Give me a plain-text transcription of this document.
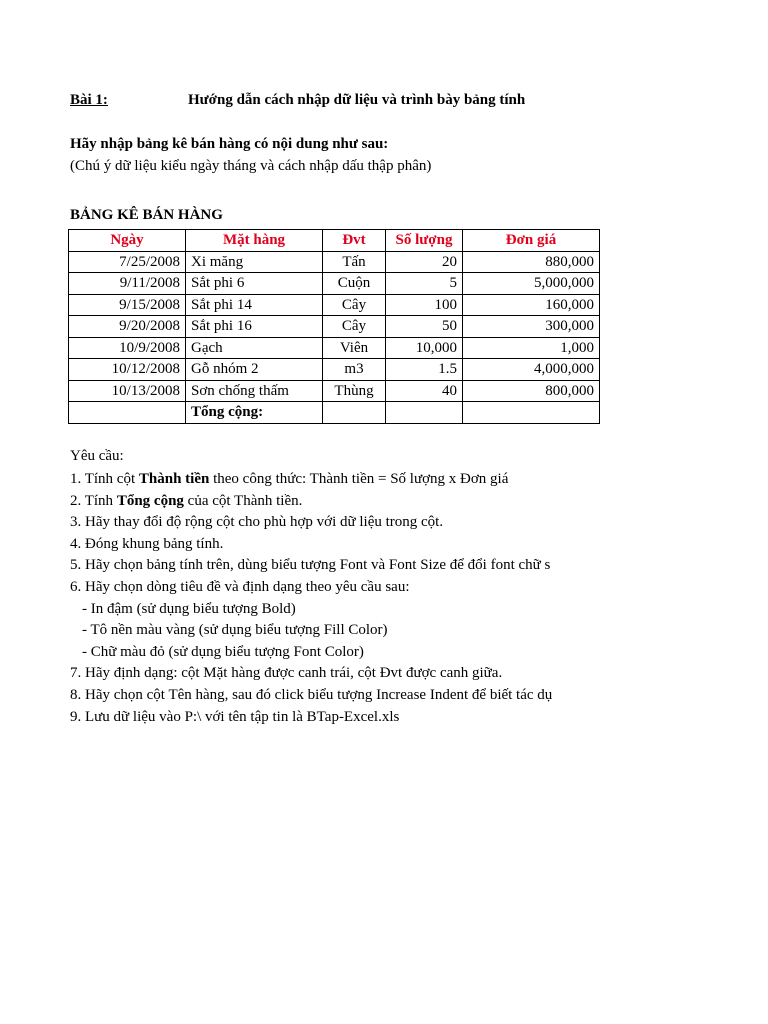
Bài 1:	Hướng dẫn cách nhập dữ liệu và trình bày bảng tính
Hãy nhập bảng kê bán hàng có nội dung như sau:
(Chú ý dữ liệu kiểu ngày tháng và cách nhập dấu thập phân)
BẢNG KÊ BÁN HÀNG
Ngày	Mặt hàng	Đvt	Số lượng	Đơn giá
7/25/2008	Xi măng	Tấn	20	880,000
9/11/2008	Sắt phi 6	Cuộn	5	5,000,000
9/15/2008	Sắt phi 14	Cây	100	160,000
9/20/2008	Sắt phi 16	Cây	50	300,000
10/9/2008	Gạch	Viên	10,000	1,000
10/12/2008	Gỗ nhóm 2	m3	1.5	4,000,000
10/13/2008	Sơn chống thấm	Thùng	40	800,000
	Tổng cộng:			
Yêu cầu:
1. Tính cột Thành tiền theo công thức: Thành tiền = Số lượng x Đơn giá
2. Tính Tổng cộng của cột Thành tiền.
3. Hãy thay đổi độ rộng cột cho phù hợp với dữ liệu trong cột.
4. Đóng khung bảng tính.
5. Hãy chọn bảng tính trên, dùng biểu tượng Font và Font Size để đổi font chữ s
6. Hãy chọn dòng tiêu đề và định dạng theo yêu cầu sau:
- In đậm (sử dụng biểu tượng Bold)
- Tô nền màu vàng (sử dụng biểu tượng Fill Color)
- Chữ màu đỏ (sử dụng biểu tượng Font Color)
7. Hãy định dạng: cột Mặt hàng được canh trái, cột Đvt được canh giữa.
8. Hãy chọn cột Tên hàng, sau đó click biểu tượng Increase Indent để biết tác dụ
9. Lưu dữ liệu vào P:\ với tên tập tin là BTap-Excel.xls
